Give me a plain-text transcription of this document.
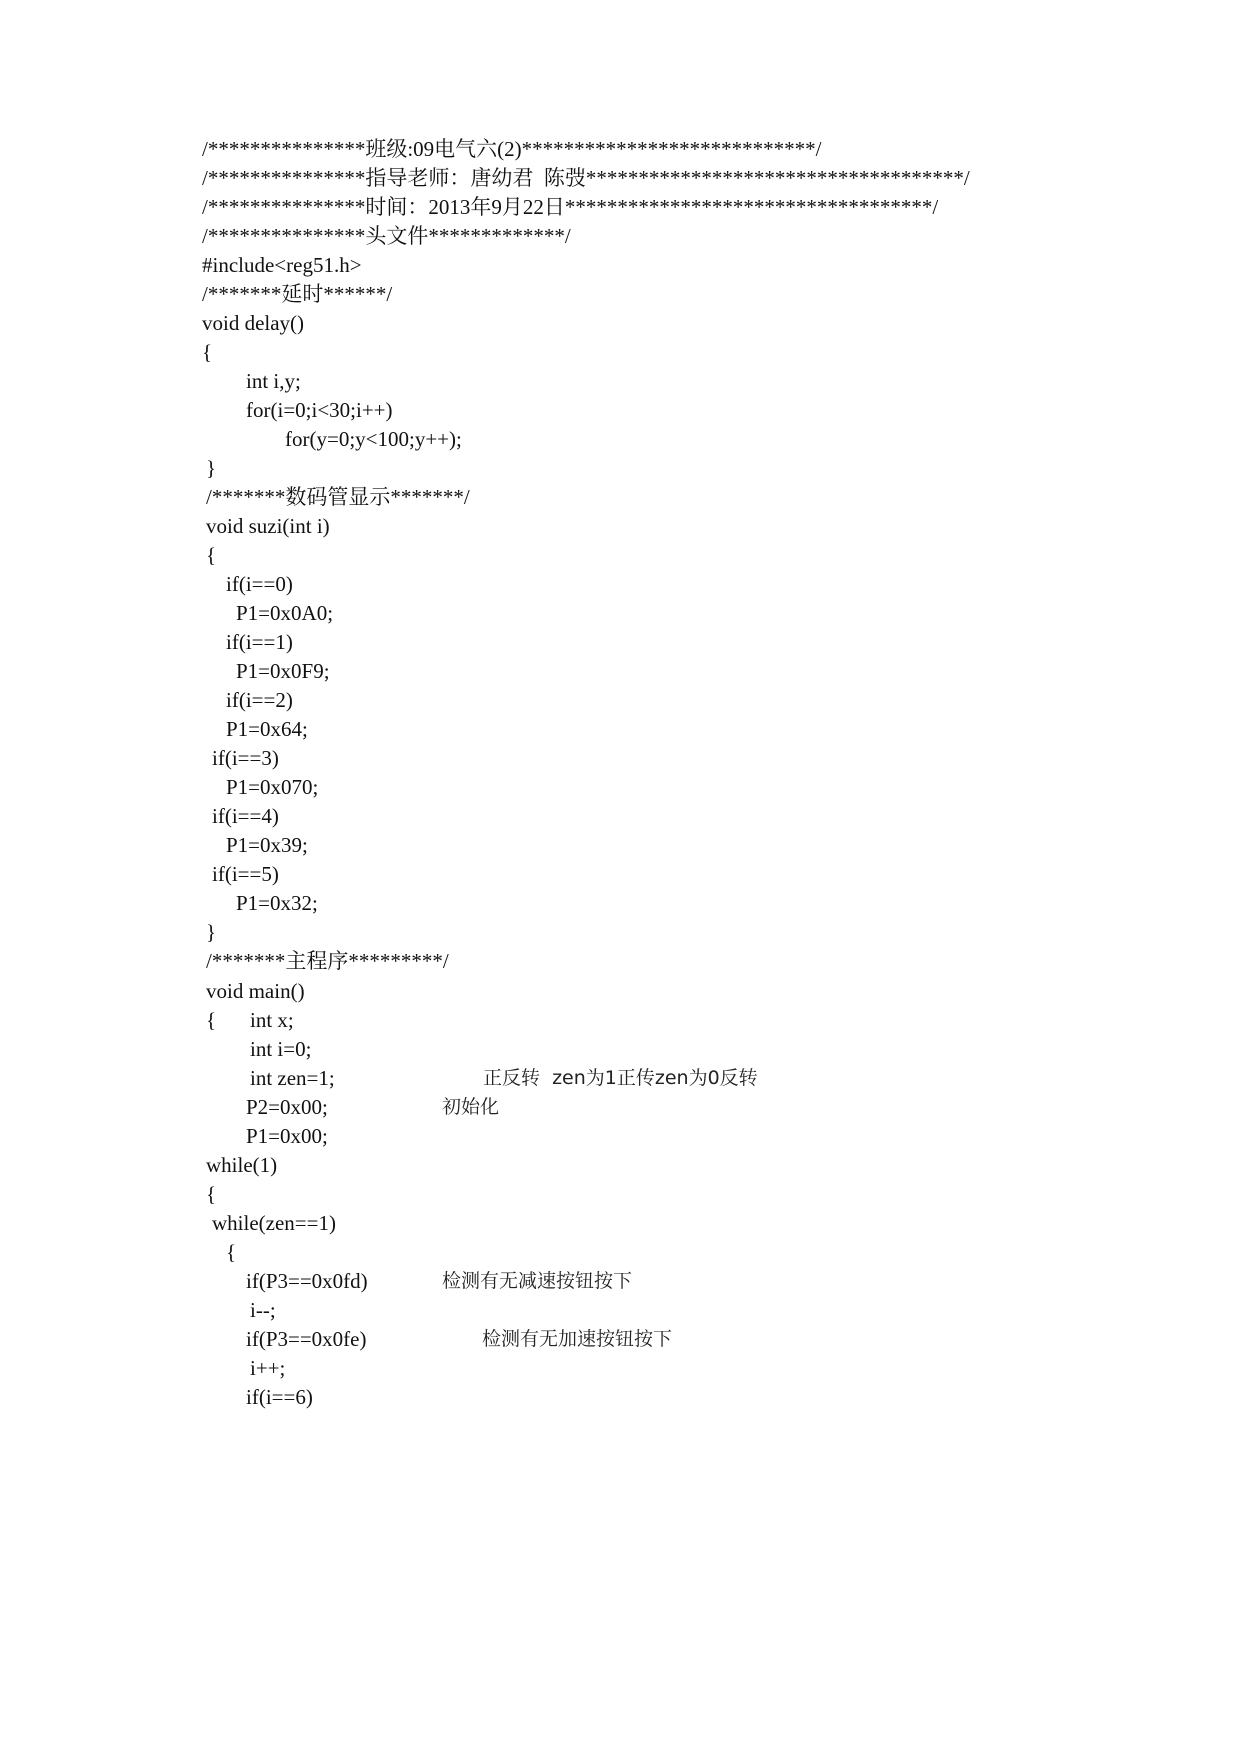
/***************班级:09电气六(2)****************************/
/***************指导老师：唐幼君  陈弢************************************/
/***************时间：2013年9月22日***********************************/
/***************头文件*************/
#include<reg51.h>
/*******延时******/
void delay()
{
int i,y;
for(i=0;i<30;i++)
for(y=0;y<100;y++);
}
/*******数码管显示*******/
void suzi(int i)
{
if(i==0)
P1=0x0A0;
if(i==1)
P1=0x0F9;
if(i==2)
P1=0x64;
if(i==3)
P1=0x070;
if(i==4)
P1=0x39;
if(i==5)
P1=0x32;
}
/*******主程序*********/
void main()
{ int x;
int i=0;
int zen=1;
P2=0x00;
P1=0x00;
while(1)
{
while(zen==1)
{
if(P3==0x0fd)
i--;
if(P3==0x0fe)
i++;
if(i==6)
正反转  zen为1正传zen为0反转
初始化
检测有无减速按钮按下
检测有无加速按钮按下
